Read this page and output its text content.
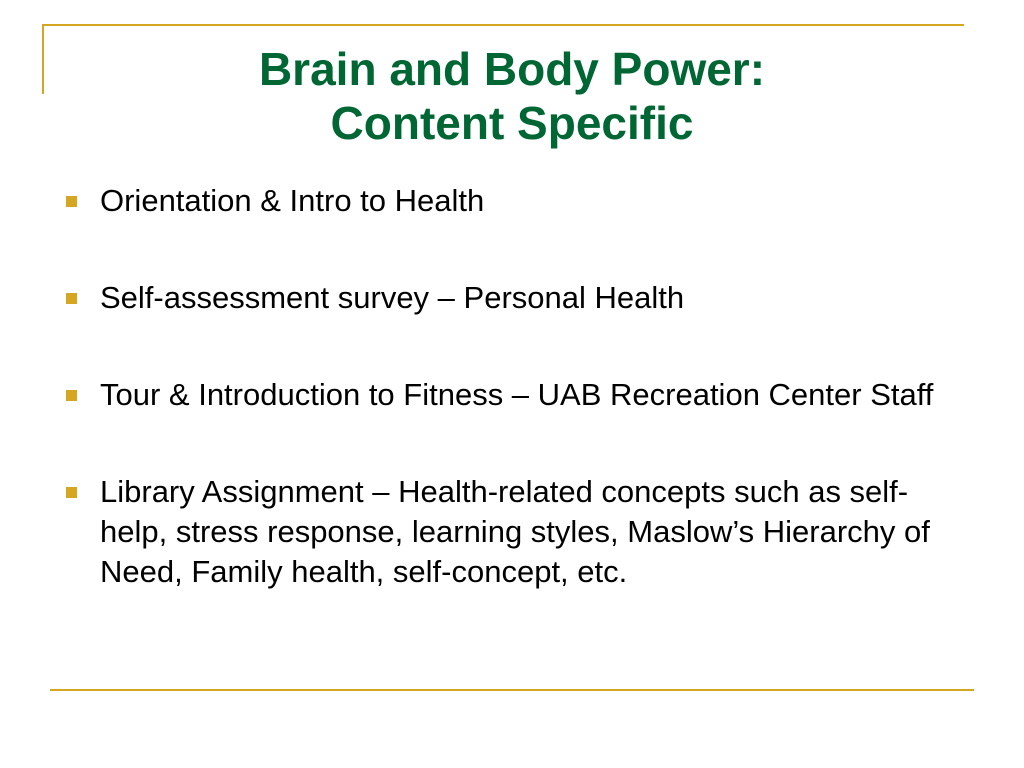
Brain and Body Power:
Content Specific
Orientation & Intro to Health
Self-assessment survey – Personal Health
Tour & Introduction to Fitness – UAB Recreation Center Staff
Library Assignment – Health-related concepts such as self-help, stress response, learning styles, Maslow’s Hierarchy of Need, Family health, self-concept, etc.
